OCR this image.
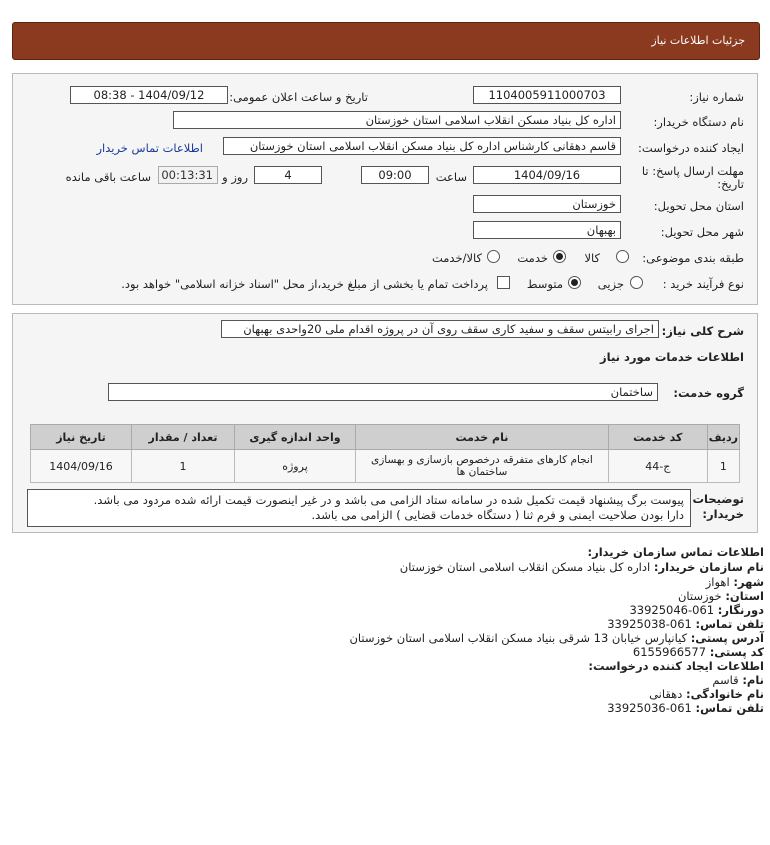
جزئیات اطلاعات نیاز
شماره نیاز:
1104005911000703
تاریخ و ساعت اعلان عمومی:
1404/09/12 - 08:38
نام دستگاه خریدار:
اداره کل بنیاد مسکن انقلاب اسلامی استان خوزستان
ایجاد کننده درخواست:
قاسم دهقانی کارشناس اداره کل بنیاد مسکن انقلاب اسلامی استان خوزستان
اطلاعات تماس خریدار
مهلت ارسال پاسخ: تا
تاریخ:
1404/09/16
ساعت
09:00
4
روز و
00:13:31
ساعت باقی مانده
استان محل تحویل:
خوزستان
شهر محل تحویل:
بهبهان
طبقه بندی موضوعی:
کالا
خدمت
کالا/خدمت
نوع فرآیند خرید :
جزیی
متوسط
پرداخت تمام یا بخشی از مبلغ خرید،از محل "اسناد خزانه اسلامی" خواهد بود.
شرح کلی نیاز:
اجرای رابیتس سقف و سفید کاری سقف روی آن در پروژه اقدام ملی 20واحدی بهبهان
اطلاعات خدمات مورد نیاز
گروه خدمت:
ساختمان
ردیف	کد خدمت	نام خدمت	واحد اندازه گیری	تعداد / مقدار	تاریخ نیاز
1	ج-44	انجام کارهای متفرقه درخصوص بازسازی و بهسازی ساختمان ها	پروژه	1	1404/09/16
توضیحات
خریدار:
پیوست برگ پیشنهاد قیمت تکمیل شده در سامانه ستاد الزامی می باشد و در غیر اینصورت قیمت ارائه شده مردود می باشد.
دارا بودن صلاحیت ایمنی و فرم ثنا ( دستگاه خدمات قضایی ) الزامی می باشد.
اطلاعات تماس سازمان خریدار:
نام سازمان خریدار: اداره کل بنیاد مسکن انقلاب اسلامی استان خوزستان
شهر: اهواز
استان: خوزستان
دورنگار: 061-33925046
تلفن تماس: 061-33925038
آدرس پستی: کیانپارس خیابان 13 شرقی بنیاد مسکن انقلاب اسلامی استان خوزستان
کد پستی: 6155966577
اطلاعات ایجاد کننده درخواست:
نام: قاسم
نام خانوادگی: دهقانی
تلفن تماس: 061-33925036
